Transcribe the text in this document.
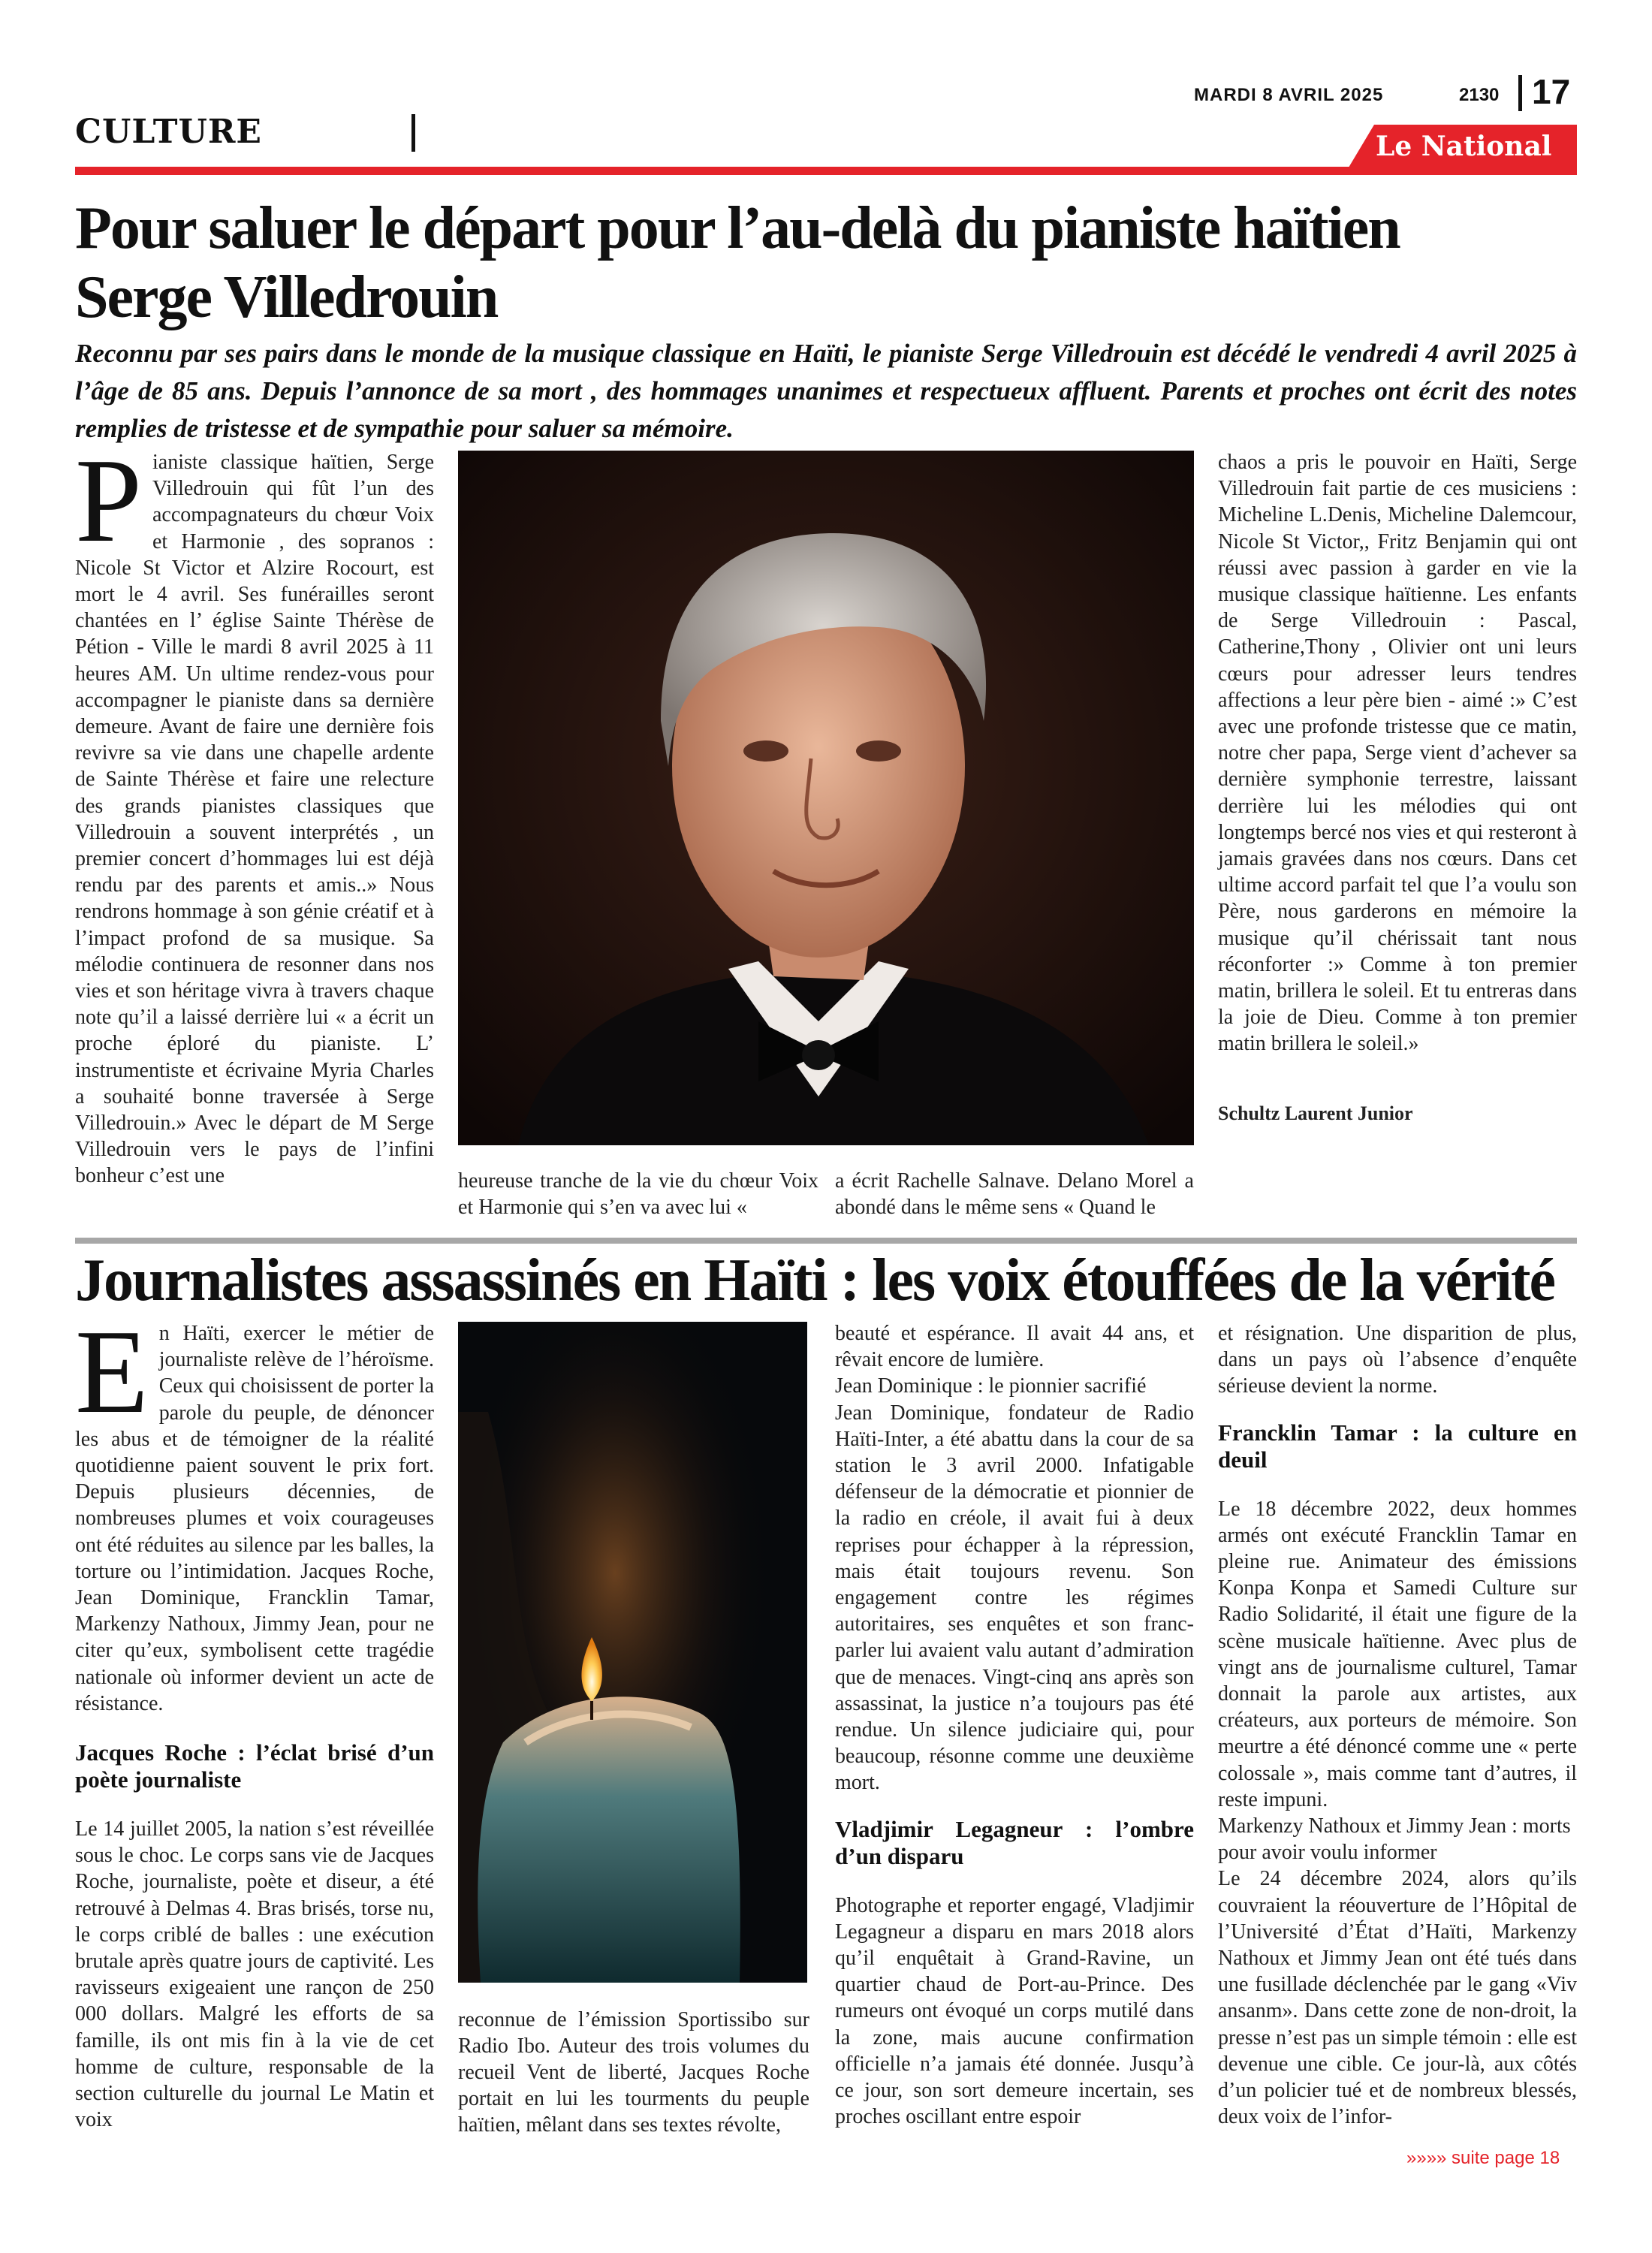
CULTURE
MARDI 8 AVRIL 2025	2130 17
Le National
Pour saluer le départ pour l’au-delà du pianiste haïtien
Serge Villedrouin
Reconnu par ses pairs dans le monde de la musique classique en Haïti, le pianiste Serge Villedrouin est décédé le vendredi 4 avril 2025 à l’âge de 85 ans. Depuis l’annonce de sa mort , des hommages unanimes et respectueux affluent. Parents et proches ont écrit des notes remplies de tristesse et de sympathie pour saluer sa mémoire.
P ianiste classique haïtien, Serge Villedrouin qui fût l’un des accompagnateurs du chœur Voix et Harmonie , des sopranos : Nicole St Victor et Alzire Rocourt, est mort le 4 avril. Ses funérailles seront chantées en l’ église Sainte Thérèse de Pétion - Ville le mardi 8 avril 2025 à 11 heures AM. Un ultime rendez-vous pour accompagner le pianiste dans sa dernière demeure. Avant de faire une dernière fois revivre sa vie dans une chapelle ardente de Sainte Thérèse et faire une relecture des grands pianistes classiques que Villedrouin a souvent interprétés , un premier concert d’hommages lui est déjà rendu par des parents et amis..» Nous rendrons hommage à son génie créatif et à l’impact profond de sa musique. Sa mélodie continuera de resonner dans nos vies et son héritage vivra à travers chaque note qu’il a laissé derrière lui « a écrit un proche éploré du pianiste. L’ instrumentiste et écrivaine Myria Charles a souhaité bonne traversée à Serge Villedrouin.» Avec le départ de M Serge Villedrouin vers le pays de l’infini bonheur c’est une	heureuse tranche de la vie du chœur Voix et Harmonie qui s’en va avec lui «
a écrit Rachelle Salnave. Delano Morel a abondé dans le même sens « Quand le
chaos a pris le pouvoir en Haïti, Serge Villedrouin fait partie de ces musiciens : Micheline L.Denis, Micheline Dalemcour, Nicole St Victor,, Fritz Benjamin qui ont réussi avec passion à garder en vie la musique classique haïtienne. Les enfants de Serge Villedrouin : Pascal, Catherine,Thony , Olivier ont uni leurs cœurs pour adresser leurs tendres affections a leur père bien - aimé :» C’est avec une profonde tristesse que ce matin, notre cher papa, Serge vient d’achever sa dernière symphonie terrestre, laissant derrière lui les mélodies qui ont longtemps bercé nos vies et qui resteront à jamais gravées dans nos cœurs. Dans cet ultime accord parfait tel que l’a voulu son Père, nous garderons en mémoire la musique qu’il chérissait tant nous réconforter :» Comme à ton premier matin, brillera le soleil. Et tu entreras dans la joie de Dieu. Comme à ton premier matin brillera le soleil.»
Schultz Laurent Junior
Journalistes assassinés en Haïti : les voix étouffées de la vérité

En Haïti, exercer le métier de journaliste relève de l’héroïsme. Ceux qui choisissent de porter la parole du peuple, de dénoncer les abus et de témoigner de la réalité quotidienne paient souvent le prix fort. Depuis plusieurs décennies, de nombreuses plumes et voix courageuses ont été réduites au silence par les balles, la torture ou l’intimidation. Jacques Roche, Jean Dominique, Francklin Tamar, Markenzy Nathoux, Jimmy Jean, pour ne citer qu’eux, symbolisent cette tragédie nationale où informer devient un acte de résistance.

Jacques Roche : l’éclat brisé d’un poète journaliste

Le 14 juillet 2005, la nation s’est réveillée sous le choc. Le corps sans vie de Jacques Roche, journaliste, poète et diseur, a été retrouvé à Delmas 4. Bras brisés, torse nu, le corps criblé de balles : une exécution brutale après quatre jours de captivité. Les ravisseurs exigeaient une rançon de 250 000 dollars. Malgré les efforts de sa famille, ils ont mis fin à la vie de cet homme de culture, responsable de la section culturelle du journal Le Matin et voix

reconnue de l’émission Sportissibo sur Radio Ibo. Auteur des trois volumes du recueil Vent de liberté, Jacques Roche portait en lui les tourments du peuple haïtien, mêlant dans ses textes révolte,

beauté et espérance. Il avait 44 ans, et rêvait encore de lumière.

Jean Dominique : le pionnier sacrifié

Jean Dominique, fondateur de Radio Haïti-Inter, a été abattu dans la cour de sa station le 3 avril 2000. Infatigable défenseur de la démocratie et pionnier de la radio en créole, il avait fui à deux reprises pour échapper à la répression, mais était toujours revenu. Son engagement contre les régimes autoritaires, ses enquêtes et son franc-parler lui avaient valu autant d’admiration que de menaces. Vingt-cinq ans après son assassinat, la justice n’a toujours pas été rendue. Un silence judiciaire qui, pour beaucoup, résonne comme une deuxième mort.

Vladjimir Legagneur : l’ombre d’un disparu

Photographe et reporter engagé, Vladjimir Legagneur a disparu en mars 2018 alors qu’il enquêtait à Grand-Ravine, un quartier chaud de Port-au-Prince. Des rumeurs ont évoqué un corps mutilé dans la zone, mais aucune confirmation officielle n’a jamais été donnée. Jusqu’à ce jour, son sort demeure incertain, ses proches oscillant entre espoir

et résignation. Une disparition de plus, dans un pays où l’absence d’enquête sérieuse devient la norme.

Francklin Tamar : la culture en deuil

Le 18 décembre 2022, deux hommes armés ont exécuté Francklin Tamar en pleine rue. Animateur des émissions Konpa Konpa et Samedi Culture sur Radio Solidarité, il était une figure de la scène musicale haïtienne. Avec plus de vingt ans de journalisme culturel, Tamar donnait la parole aux artistes, aux créateurs, aux porteurs de mémoire. Son meurtre a été dénoncé comme une « perte colossale », mais comme tant d’autres, il reste impuni.

Markenzy Nathoux et Jimmy Jean : morts pour avoir voulu informer

Le 24 décembre 2024, alors qu’ils couvraient la réouverture de l’Hôpital de l’Université d’État d’Haïti, Markenzy Nathoux et Jimmy Jean ont été tués dans une fusillade déclenchée par le gang «Viv ansanm». Dans cette zone de non-droit, la presse n’est pas un simple témoin : elle est devenue une cible. Ce jour-là, aux côtés d’un policier tué et de nombreux blessés, deux voix de l’infor-

»»»» suite page 18
